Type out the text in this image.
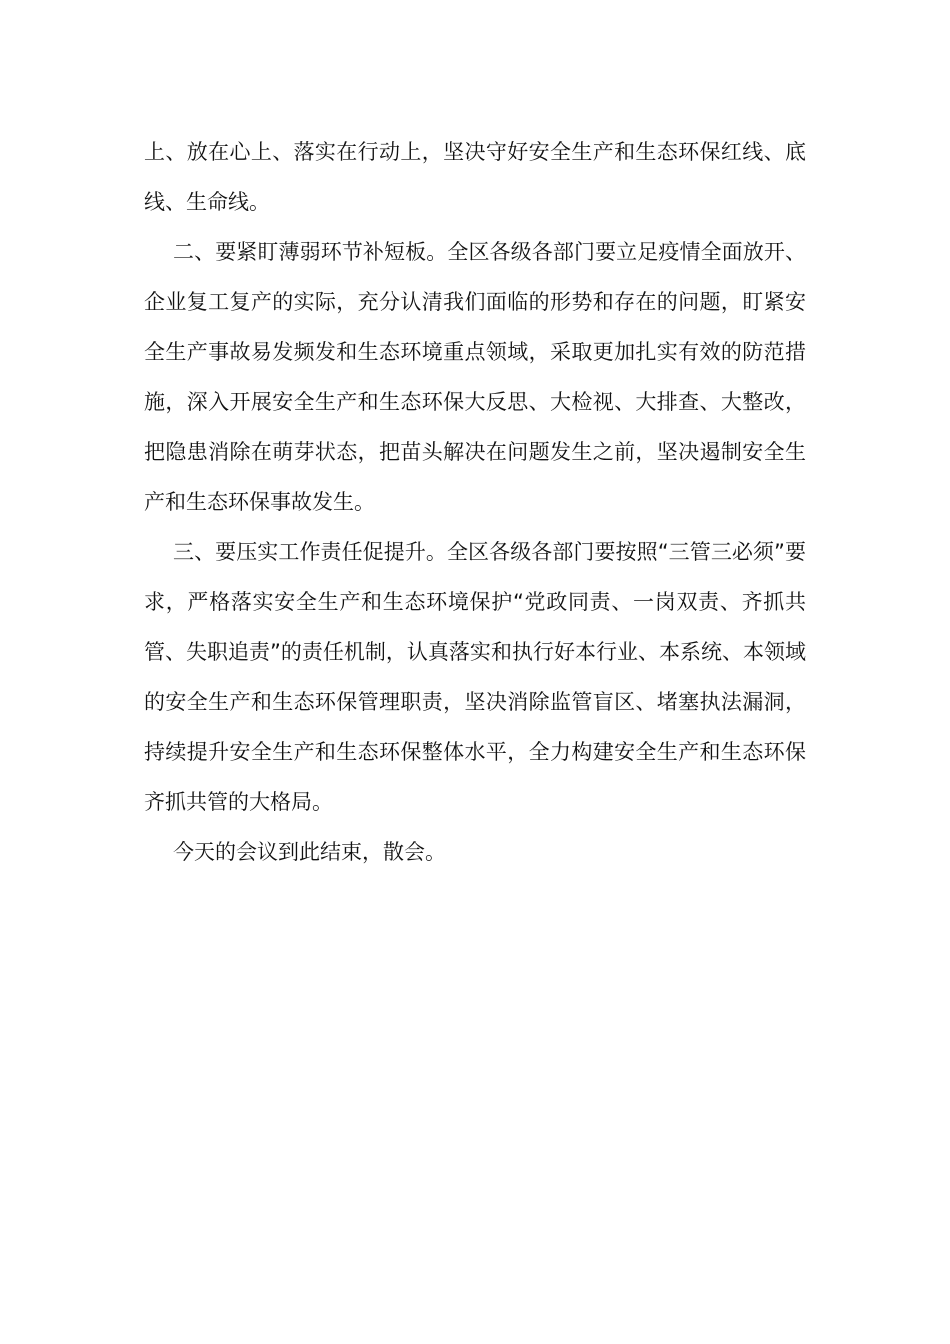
上、放在心上、落实在行动上，坚决守好安全生产和生态环保红线、底线、生命线。

二、要紧盯薄弱环节补短板。全区各级各部门要立足疫情全面放开、企业复工复产的实际，充分认清我们面临的形势和存在的问题，盯紧安全生产事故易发频发和生态环境重点领域，采取更加扎实有效的防范措施，深入开展安全生产和生态环保大反思、大检视、大排查、大整改，把隐患消除在萌芽状态，把苗头解决在问题发生之前，坚决遏制安全生产和生态环保事故发生。

三、要压实工作责任促提升。全区各级各部门要按照“三管三必须”要求，严格落实安全生产和生态环境保护“党政同责、一岗双责、齐抓共管、失职追责”的责任机制，认真落实和执行好本行业、本系统、本领域的安全生产和生态环保管理职责，坚决消除监管盲区、堵塞执法漏洞，持续提升安全生产和生态环保整体水平，全力构建安全生产和生态环保齐抓共管的大格局。

今天的会议到此结束，散会。
